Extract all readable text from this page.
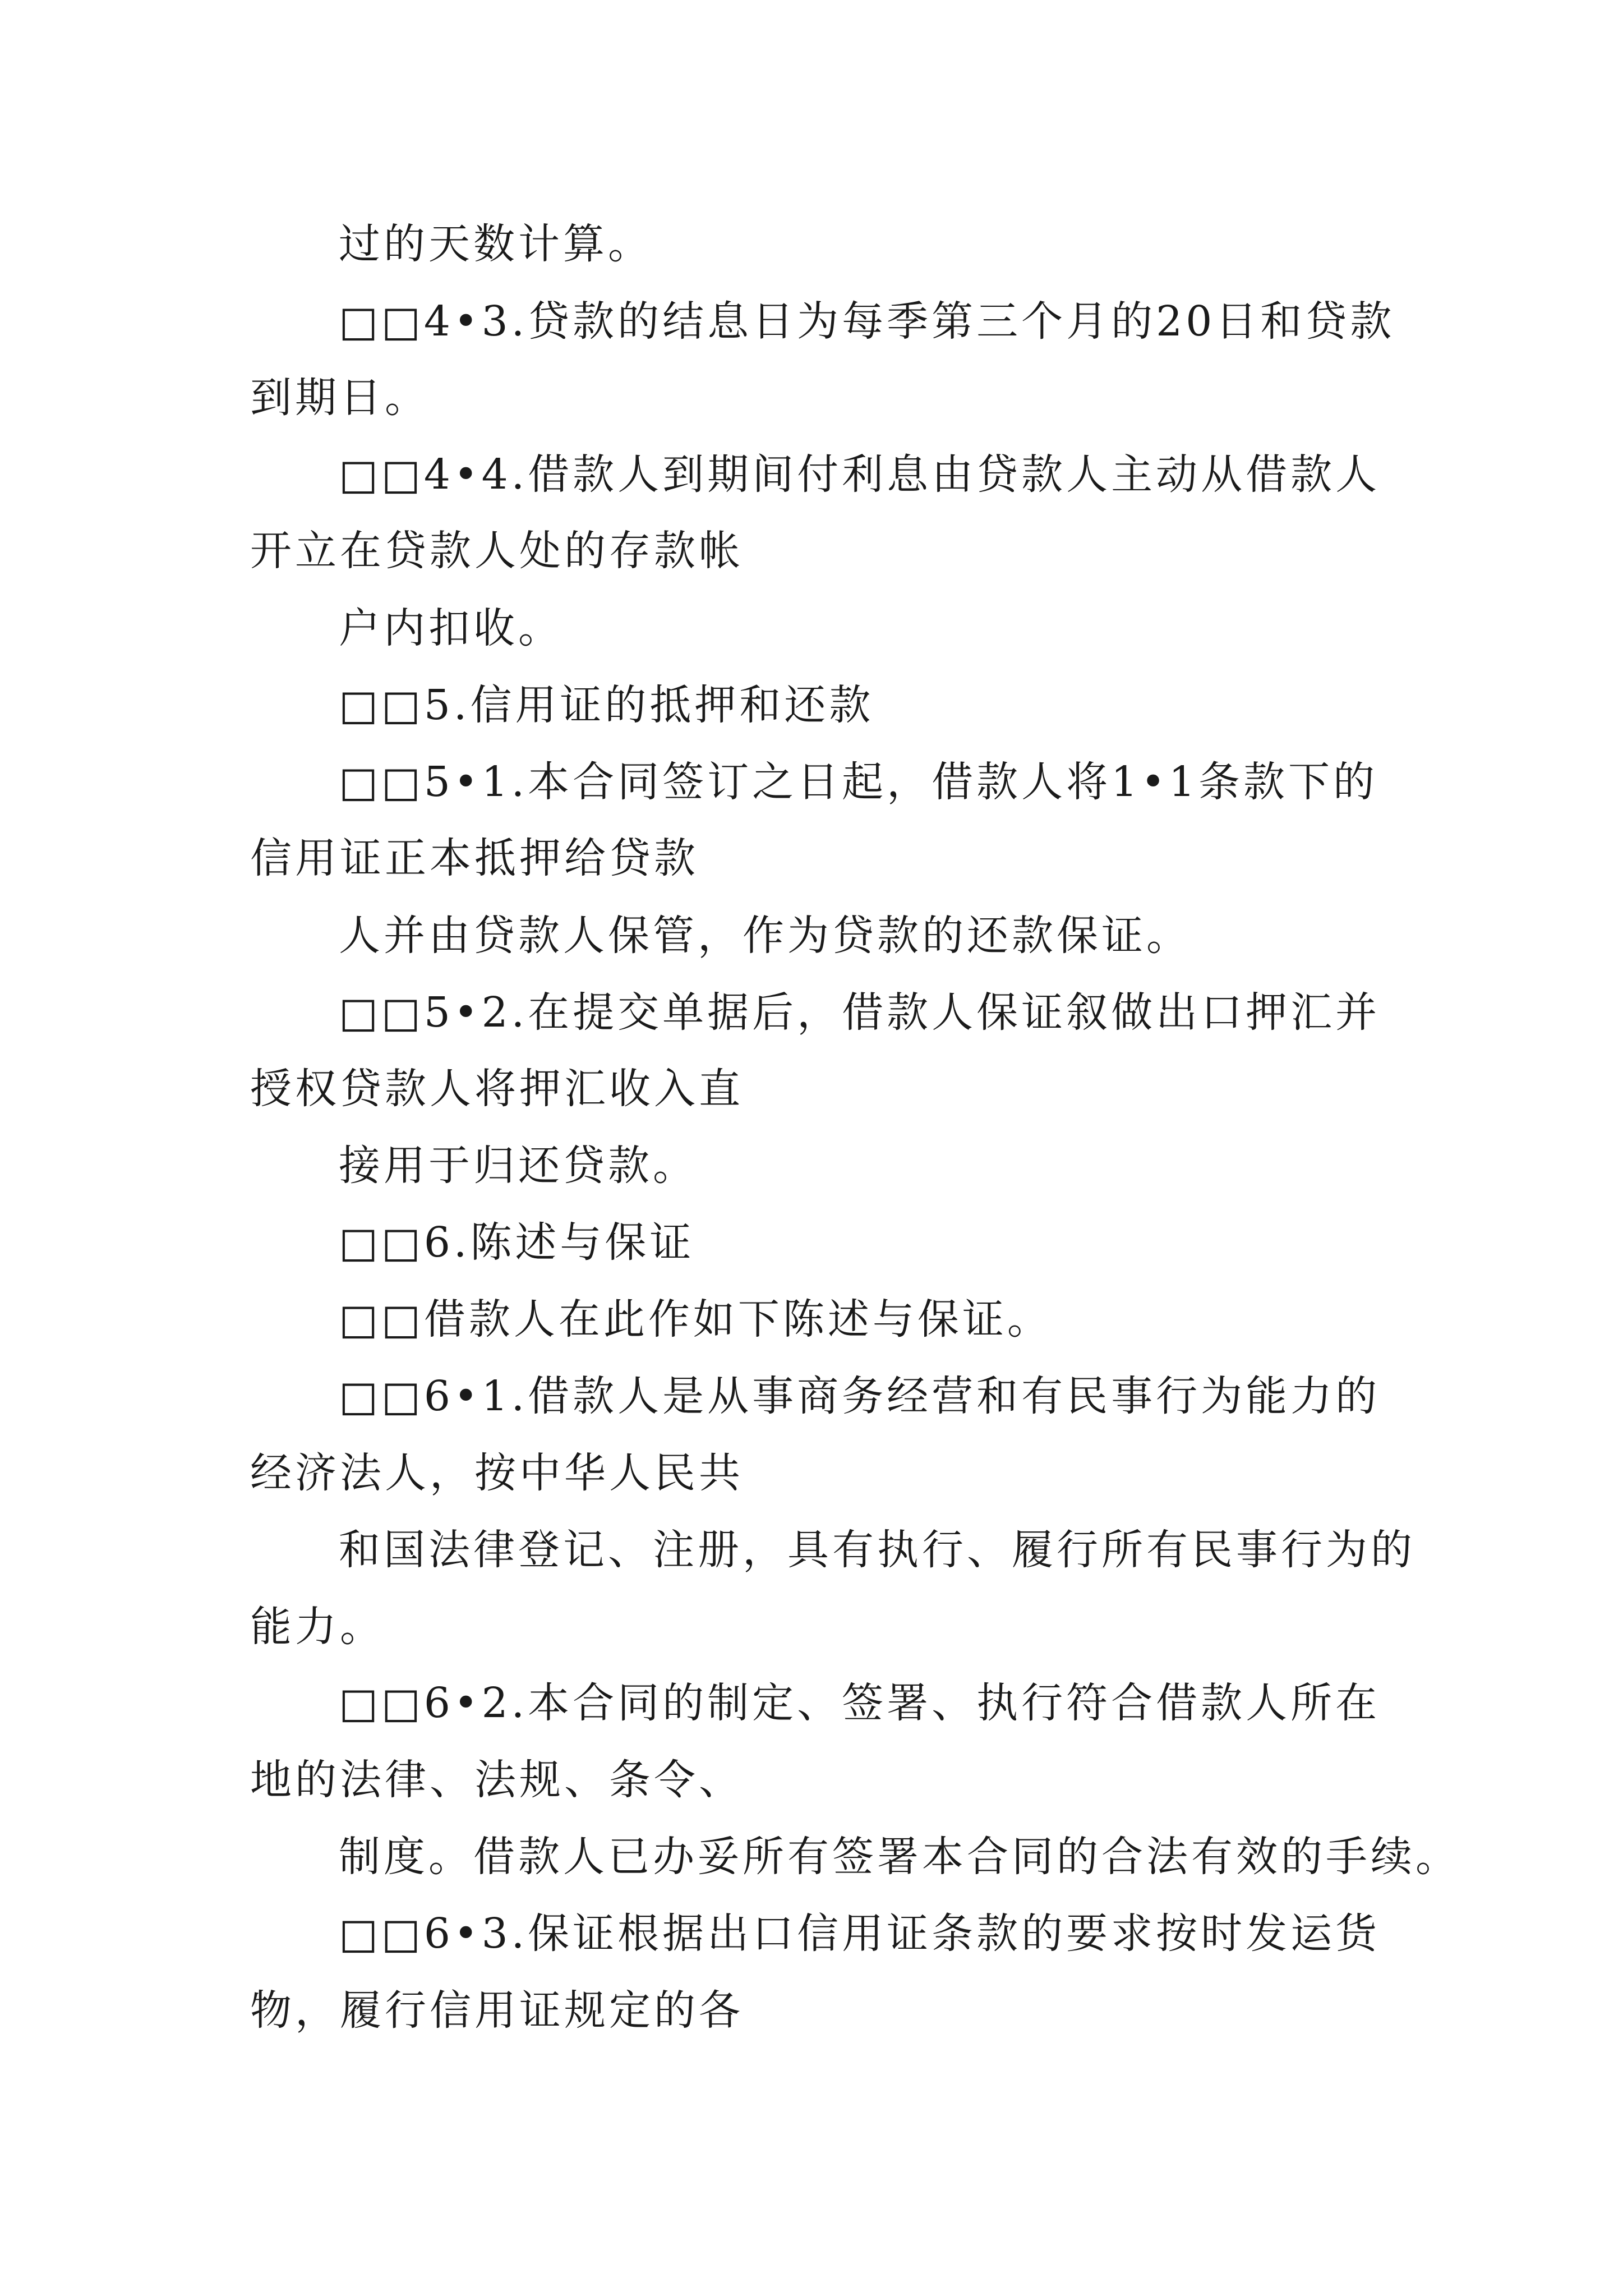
过的天数计算。
□□4•3.贷款的结息日为每季第三个月的20日和贷款
到期日。
□□4•4.借款人到期间付利息由贷款人主动从借款人
开立在贷款人处的存款帐
户内扣收。
□□5.信用证的抵押和还款
□□5•1.本合同签订之日起，借款人将1•1条款下的
信用证正本抵押给贷款
人并由贷款人保管，作为贷款的还款保证。
□□5•2.在提交单据后，借款人保证叙做出口押汇并
授权贷款人将押汇收入直
接用于归还贷款。
□□6.陈述与保证
□□借款人在此作如下陈述与保证。
□□6•1.借款人是从事商务经营和有民事行为能力的
经济法人，按中华人民共
和国法律登记、注册，具有执行、履行所有民事行为的
能力。
□□6•2.本合同的制定、签署、执行符合借款人所在
地的法律、法规、条令、
制度。借款人已办妥所有签署本合同的合法有效的手续。
□□6•3.保证根据出口信用证条款的要求按时发运货
物，履行信用证规定的各
